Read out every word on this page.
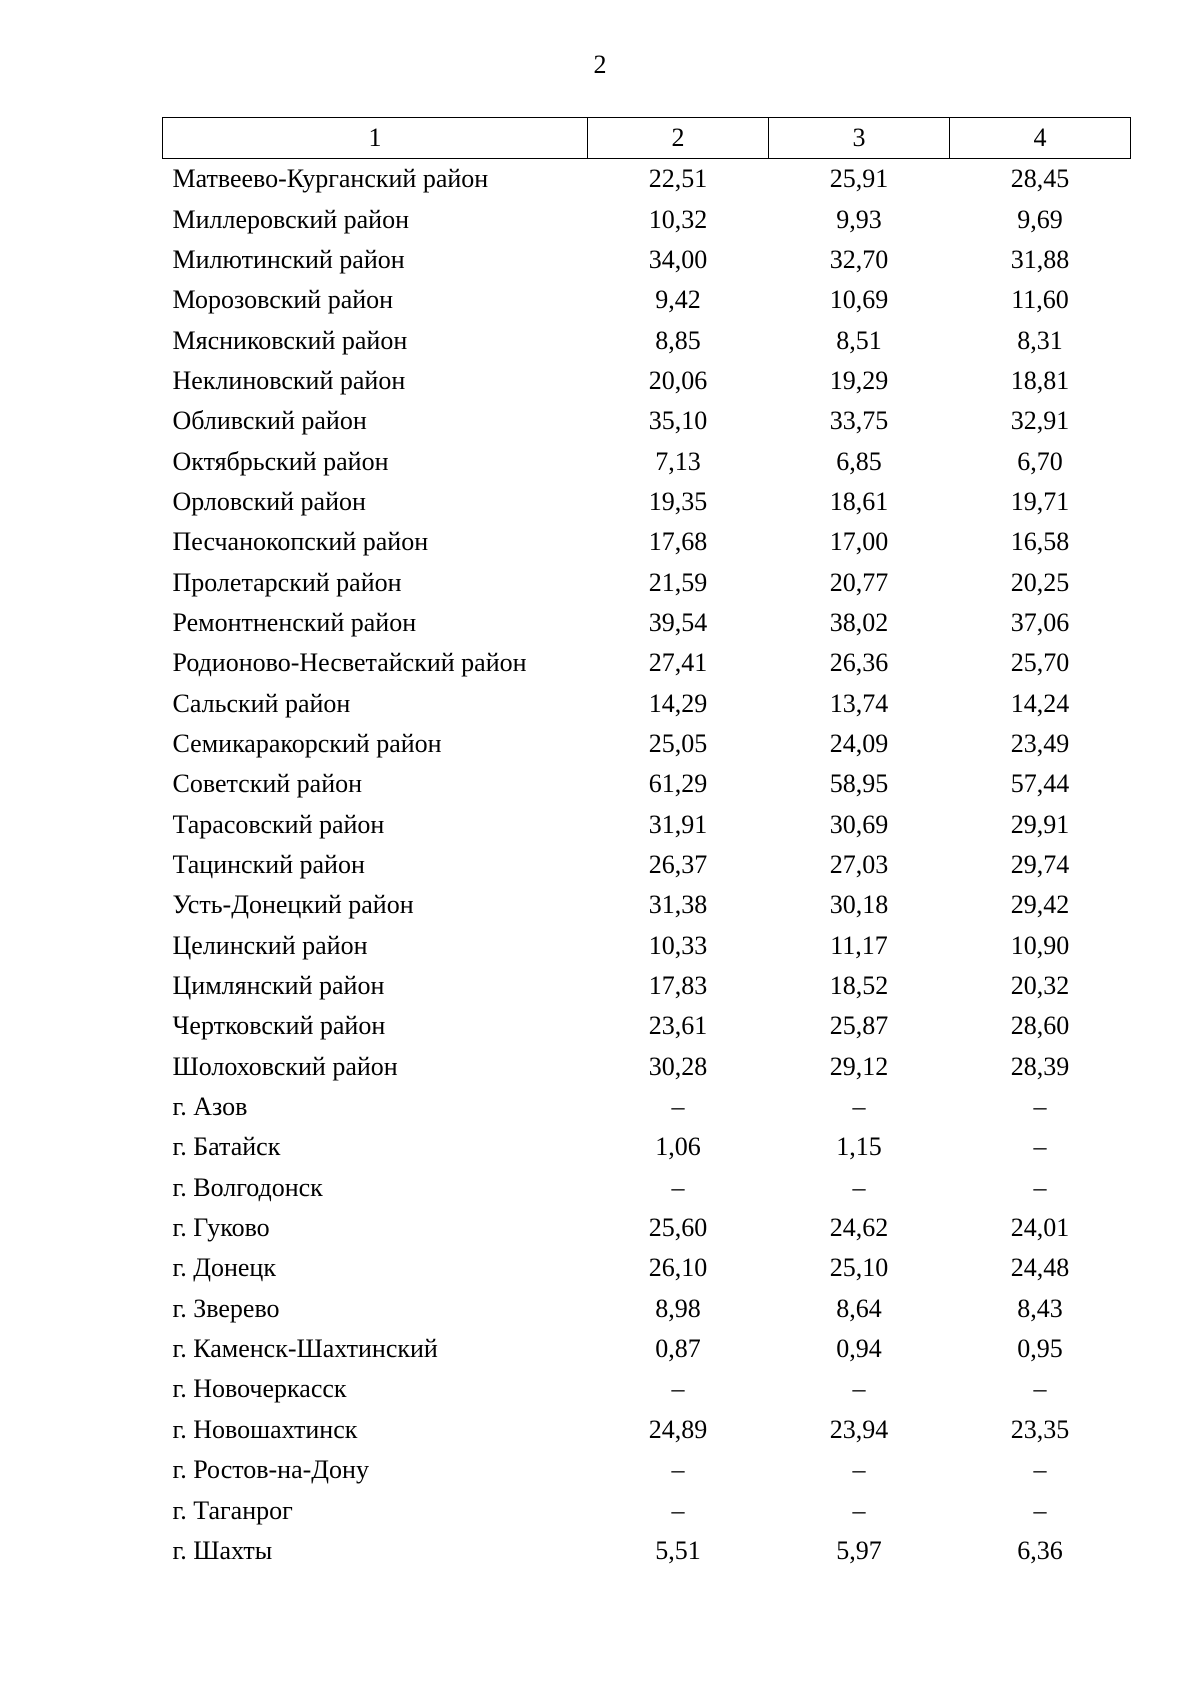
2
1	2	3	4
Матвеево-Курганский район	22,51	25,91	28,45
Миллеровский район	10,32	9,93	9,69
Милютинский район	34,00	32,70	31,88
Морозовский район	9,42	10,69	11,60
Мясниковский район	8,85	8,51	8,31
Неклиновский район	20,06	19,29	18,81
Обливский район	35,10	33,75	32,91
Октябрьский район	7,13	6,85	6,70
Орловский район	19,35	18,61	19,71
Песчанокопский район	17,68	17,00	16,58
Пролетарский район	21,59	20,77	20,25
Ремонтненский район	39,54	38,02	37,06
Родионово-Несветайский район	27,41	26,36	25,70
Сальский район	14,29	13,74	14,24
Семикаракорский район	25,05	24,09	23,49
Советский район	61,29	58,95	57,44
Тарасовский район	31,91	30,69	29,91
Тацинский район	26,37	27,03	29,74
Усть-Донецкий район	31,38	30,18	29,42
Целинский район	10,33	11,17	10,90
Цимлянский район	17,83	18,52	20,32
Чертковский район	23,61	25,87	28,60
Шолоховский район	30,28	29,12	28,39
г. Азов	–	–	–
г. Батайск	1,06	1,15	–
г. Волгодонск	–	–	–
г. Гуково	25,60	24,62	24,01
г. Донецк	26,10	25,10	24,48
г. Зверево	8,98	8,64	8,43
г. Каменск-Шахтинский	0,87	0,94	0,95
г. Новочеркасск	–	–	–
г. Новошахтинск	24,89	23,94	23,35
г. Ростов-на-Дону	–	–	–
г. Таганрог	–	–	–
г. Шахты	5,51	5,97	6,36
